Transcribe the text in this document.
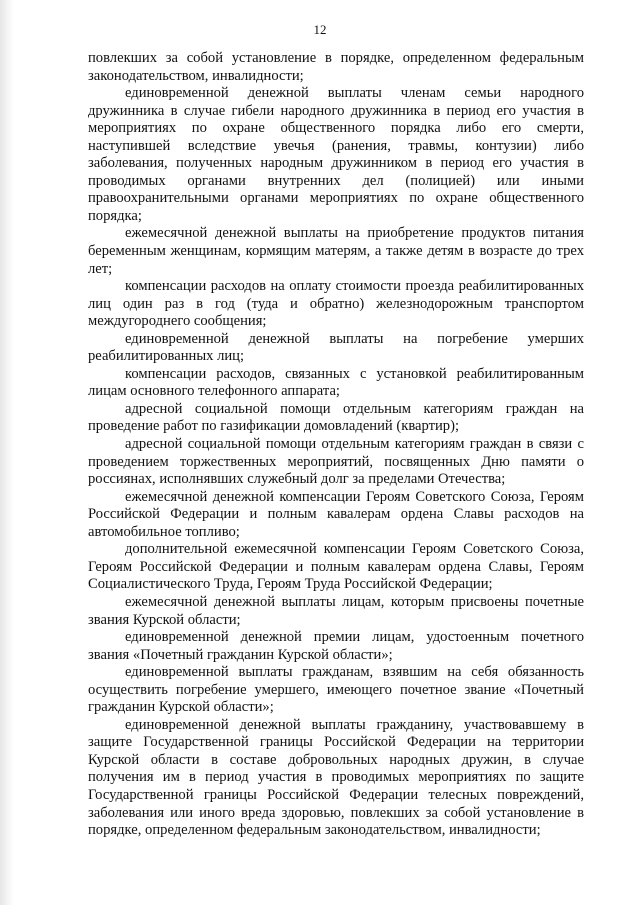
12

повлекших за собой установление в порядке, определенном федеральным законодательством, инвалидности;

единовременной денежной выплаты членам семьи народного дружинника в случае гибели народного дружинника в период его участия в мероприятиях по охране общественного порядка либо его смерти, наступившей вследствие увечья (ранения, травмы, контузии) либо заболевания, полученных народным дружинником в период его участия в проводимых органами внутренних дел (полицией) или иными правоохранительными органами мероприятиях по охране общественного порядка;

ежемесячной денежной выплаты на приобретение продуктов питания беременным женщинам, кормящим матерям, а также детям в возрасте до трех лет;

компенсации расходов на оплату стоимости проезда реабилитированных лиц один раз в год (туда и обратно) железнодорожным транспортом междугороднего сообщения;

единовременной денежной выплаты на погребение умерших реабилитированных лиц;

компенсации расходов, связанных с установкой реабилитированным лицам основного телефонного аппарата;

адресной социальной помощи отдельным категориям граждан на проведение работ по газификации домовладений (квартир);

адресной социальной помощи отдельным категориям граждан в связи с проведением торжественных мероприятий, посвященных Дню памяти о россиянах, исполнявших служебный долг за пределами Отечества;

ежемесячной денежной компенсации Героям Советского Союза, Героям Российской Федерации и полным кавалерам ордена Славы расходов на автомобильное топливо;

дополнительной ежемесячной компенсации Героям Советского Союза, Героям Российской Федерации и полным кавалерам ордена Славы, Героям Социалистического Труда, Героям Труда Российской Федерации;

ежемесячной денежной выплаты лицам, которым присвоены почетные звания Курской области;

единовременной денежной премии лицам, удостоенным почетного звания «Почетный гражданин Курской области»;

единовременной выплаты гражданам, взявшим на себя обязанность осуществить погребение умершего, имеющего почетное звание «Почетный гражданин Курской области»;

единовременной денежной выплаты гражданину, участвовавшему в защите Государственной границы Российской Федерации на территории Курской области в составе добровольных народных дружин, в случае получения им в период участия в проводимых мероприятиях по защите Государственной границы Российской Федерации телесных повреждений, заболевания или иного вреда здоровью, повлекших за собой установление в порядке, определенном федеральным законодательством, инвалидности;
